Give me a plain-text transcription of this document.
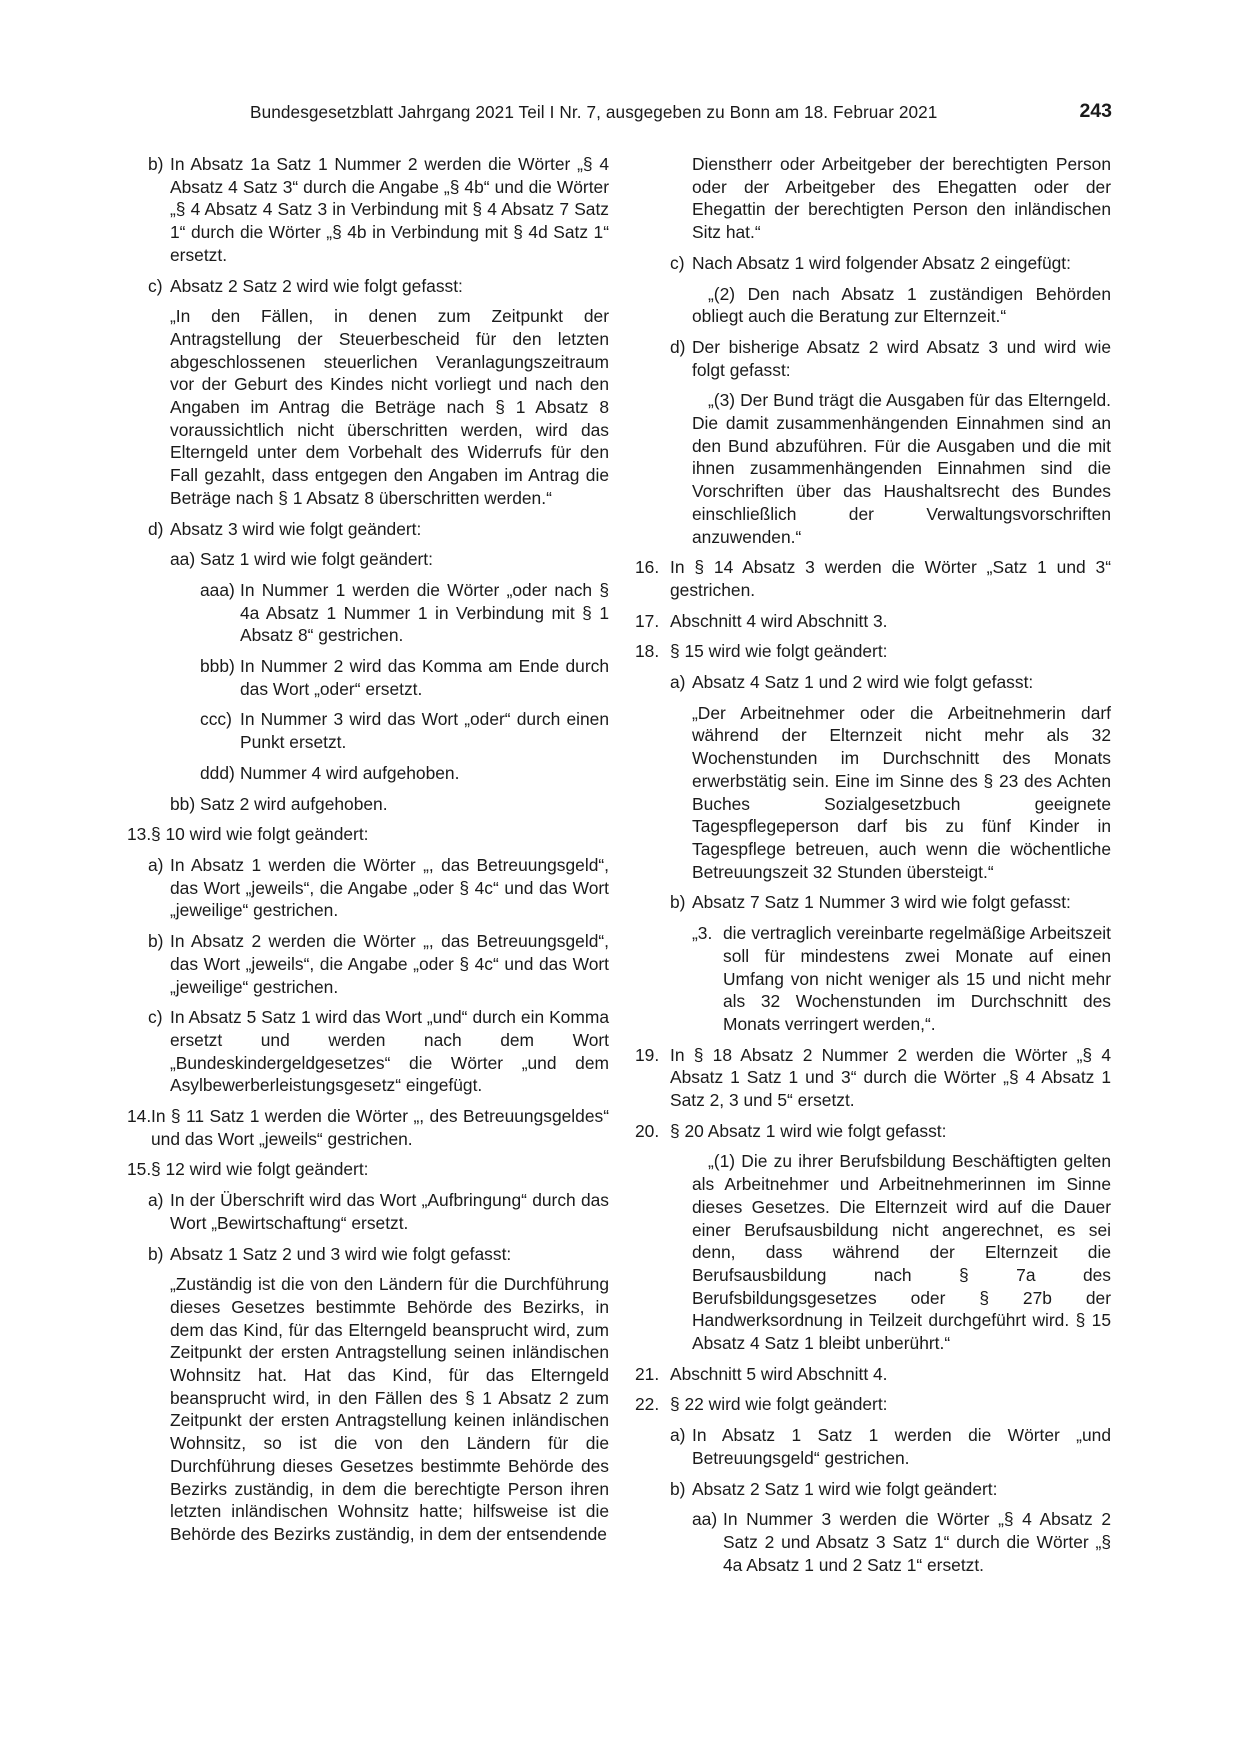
Bundesgesetzblatt Jahrgang 2021 Teil I Nr. 7, ausgegeben zu Bonn am 18. Februar 2021	243
b) In Absatz 1a Satz 1 Nummer 2 werden die Wörter „§ 4 Absatz 4 Satz 3“ durch die Angabe „§ 4b“ und die Wörter „§ 4 Absatz 4 Satz 3 in Verbindung mit § 4 Absatz 7 Satz 1“ durch die Wörter „§ 4b in Verbindung mit § 4d Satz 1“ ersetzt.
c) Absatz 2 Satz 2 wird wie folgt gefasst:
„In den Fällen, in denen zum Zeitpunkt der Antragstellung der Steuerbescheid für den letzten abgeschlossenen steuerlichen Veranlagungszeitraum vor der Geburt des Kindes nicht vorliegt und nach den Angaben im Antrag die Beträge nach § 1 Absatz 8 voraussichtlich nicht überschritten werden, wird das Elterngeld unter dem Vorbehalt des Widerrufs für den Fall gezahlt, dass entgegen den Angaben im Antrag die Beträge nach § 1 Absatz 8 überschritten werden.“
d) Absatz 3 wird wie folgt geändert:
aa) Satz 1 wird wie folgt geändert:
aaa) In Nummer 1 werden die Wörter „oder nach § 4a Absatz 1 Nummer 1 in Verbindung mit § 1 Absatz 8“ gestrichen.
bbb) In Nummer 2 wird das Komma am Ende durch das Wort „oder“ ersetzt.
ccc) In Nummer 3 wird das Wort „oder“ durch einen Punkt ersetzt.
ddd) Nummer 4 wird aufgehoben.
bb) Satz 2 wird aufgehoben.
13. § 10 wird wie folgt geändert:
a) In Absatz 1 werden die Wörter „, das Betreuungsgeld“, das Wort „jeweils“, die Angabe „oder § 4c“ und das Wort „jeweilige“ gestrichen.
b) In Absatz 2 werden die Wörter „, das Betreuungsgeld“, das Wort „jeweils“, die Angabe „oder § 4c“ und das Wort „jeweilige“ gestrichen.
c) In Absatz 5 Satz 1 wird das Wort „und“ durch ein Komma ersetzt und werden nach dem Wort „Bundeskindergeldgesetzes“ die Wörter „und dem Asylbewerberleistungsgesetz“ eingefügt.
14. In § 11 Satz 1 werden die Wörter „, des Betreuungsgeldes“ und das Wort „jeweils“ gestrichen.
15. § 12 wird wie folgt geändert:
a) In der Überschrift wird das Wort „Aufbringung“ durch das Wort „Bewirtschaftung“ ersetzt.
b) Absatz 1 Satz 2 und 3 wird wie folgt gefasst:
„Zuständig ist die von den Ländern für die Durchführung dieses Gesetzes bestimmte Behörde des Bezirks, in dem das Kind, für das Elterngeld beansprucht wird, zum Zeitpunkt der ersten Antragstellung seinen inländischen Wohnsitz hat. Hat das Kind, für das Elterngeld beansprucht wird, in den Fällen des § 1 Absatz 2 zum Zeitpunkt der ersten Antragstellung keinen inländischen Wohnsitz, so ist die von den Ländern für die Durchführung dieses Gesetzes bestimmte Behörde des Bezirks zuständig, in dem die berechtigte Person ihren letzten inländischen Wohnsitz hatte; hilfsweise ist die Behörde des Bezirks zuständig, in dem der entsendende
Dienstherr oder Arbeitgeber der berechtigten Person oder der Arbeitgeber des Ehegatten oder der Ehegattin der berechtigten Person den inländischen Sitz hat.“
c) Nach Absatz 1 wird folgender Absatz 2 eingefügt:
„(2) Den nach Absatz 1 zuständigen Behörden obliegt auch die Beratung zur Elternzeit.“
d) Der bisherige Absatz 2 wird Absatz 3 und wird wie folgt gefasst:
„(3) Der Bund trägt die Ausgaben für das Elterngeld. Die damit zusammenhängenden Einnahmen sind an den Bund abzuführen. Für die Ausgaben und die mit ihnen zusammenhängenden Einnahmen sind die Vorschriften über das Haushaltsrecht des Bundes einschließlich der Verwaltungsvorschriften anzuwenden.“
16. In § 14 Absatz 3 werden die Wörter „Satz 1 und 3“ gestrichen.
17. Abschnitt 4 wird Abschnitt 3.
18. § 15 wird wie folgt geändert:
a) Absatz 4 Satz 1 und 2 wird wie folgt gefasst:
„Der Arbeitnehmer oder die Arbeitnehmerin darf während der Elternzeit nicht mehr als 32 Wochenstunden im Durchschnitt des Monats erwerbstätig sein. Eine im Sinne des § 23 des Achten Buches Sozialgesetzbuch geeignete Tagespflegeperson darf bis zu fünf Kinder in Tagespflege betreuen, auch wenn die wöchentliche Betreuungszeit 32 Stunden übersteigt.“
b) Absatz 7 Satz 1 Nummer 3 wird wie folgt gefasst:
„3. die vertraglich vereinbarte regelmäßige Arbeitszeit soll für mindestens zwei Monate auf einen Umfang von nicht weniger als 15 und nicht mehr als 32 Wochenstunden im Durchschnitt des Monats verringert werden,“.
19. In § 18 Absatz 2 Nummer 2 werden die Wörter „§ 4 Absatz 1 Satz 1 und 3“ durch die Wörter „§ 4 Absatz 1 Satz 2, 3 und 5“ ersetzt.
20. § 20 Absatz 1 wird wie folgt gefasst:
„(1) Die zu ihrer Berufsbildung Beschäftigten gelten als Arbeitnehmer und Arbeitnehmerinnen im Sinne dieses Gesetzes. Die Elternzeit wird auf die Dauer einer Berufsausbildung nicht angerechnet, es sei denn, dass während der Elternzeit die Berufsausbildung nach § 7a des Berufsbildungsgesetzes oder § 27b der Handwerksordnung in Teilzeit durchgeführt wird. § 15 Absatz 4 Satz 1 bleibt unberührt.“
21. Abschnitt 5 wird Abschnitt 4.
22. § 22 wird wie folgt geändert:
a) In Absatz 1 Satz 1 werden die Wörter „und Betreuungsgeld“ gestrichen.
b) Absatz 2 Satz 1 wird wie folgt geändert:
aa) In Nummer 3 werden die Wörter „§ 4 Absatz 2 Satz 2 und Absatz 3 Satz 1“ durch die Wörter „§ 4a Absatz 1 und 2 Satz 1“ ersetzt.
